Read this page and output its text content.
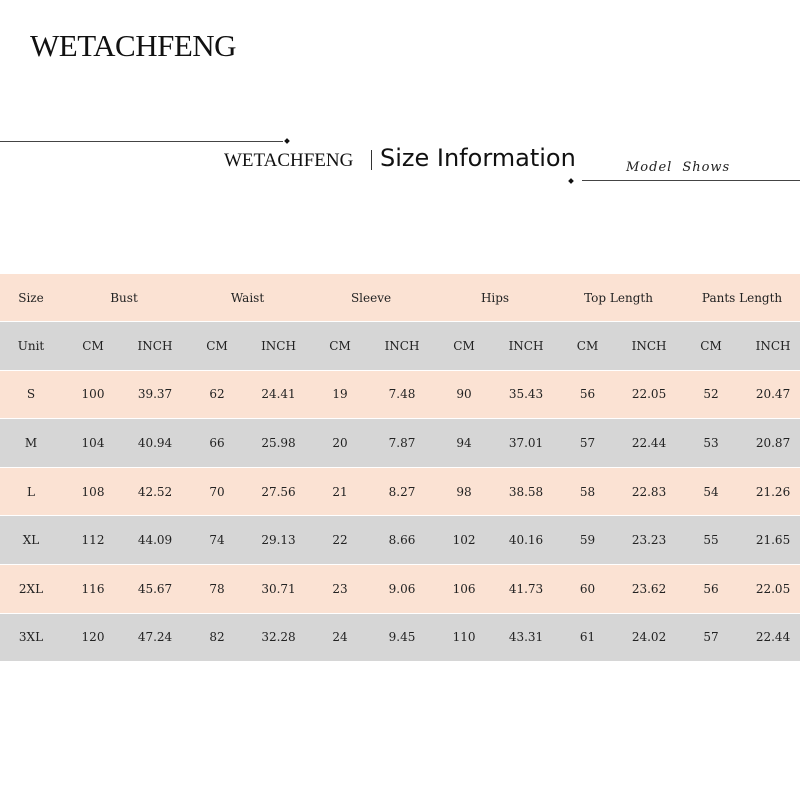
WETACHFENG
WETACHFENG Size Information	Model Shows
Size	Bust		Waist		Sleeve		Hips		Top Length		Pants Length	
Unit	CM	INCH	CM	INCH	CM	INCH	CM	INCH	CM	INCH	CM	INCH
S	100	39.37	62	24.41	19	7.48	90	35.43	56	22.05	52	20.47
M	104	40.94	66	25.98	20	7.87	94	37.01	57	22.44	53	20.87
L	108	42.52	70	27.56	21	8.27	98	38.58	58	22.83	54	21.26
XL	112	44.09	74	29.13	22	8.66	102	40.16	59	23.23	55	21.65
2XL	116	45.67	78	30.71	23	9.06	106	41.73	60	23.62	56	22.05
3XL	120	47.24	82	32.28	24	9.45	110	43.31	61	24.02	57	22.44
